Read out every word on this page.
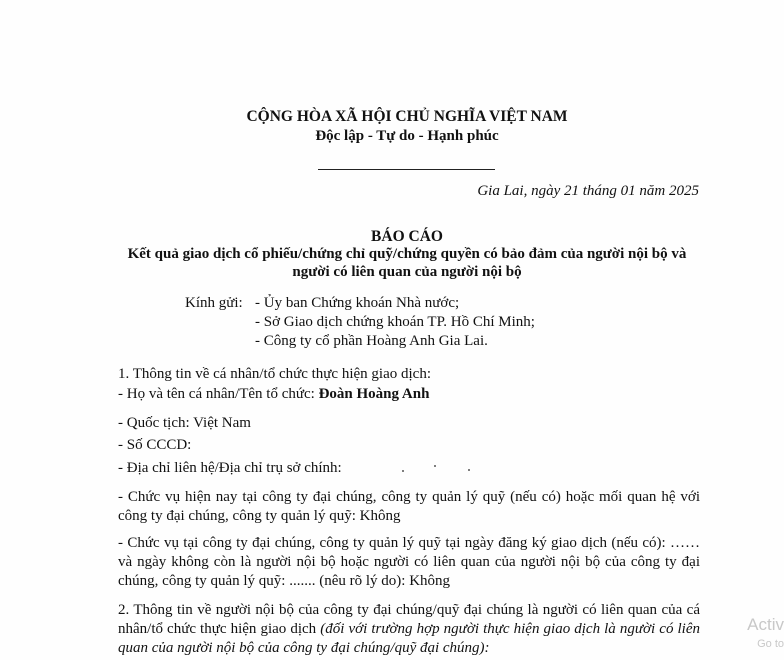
CỘNG HÒA XÃ HỘI CHỦ NGHĨA VIỆT NAM
Độc lập - Tự do - Hạnh phúc
Gia Lai, ngày 21 tháng 01 năm 2025
BÁO CÁO
Kết quả giao dịch cổ phiếu/chứng chỉ quỹ/chứng quyền có bảo đảm của người nội bộ và
người có liên quan của người nội bộ
Kính gửi: - Ủy ban Chứng khoán Nhà nước;
- Sở Giao dịch chứng khoán TP. Hồ Chí Minh;
- Công ty cổ phần Hoàng Anh Gia Lai.
1. Thông tin về cá nhân/tổ chức thực hiện giao dịch:
- Họ và tên cá nhân/Tên tổ chức: Đoàn Hoàng Anh
- Quốc tịch: Việt Nam
- Số CCCD:
- Địa chỉ liên hệ/Địa chỉ trụ sở chính:
- Chức vụ hiện nay tại công ty đại chúng, công ty quản lý quỹ (nếu có) hoặc mối quan hệ với công ty đại chúng, công ty quản lý quỹ: Không
- Chức vụ tại công ty đại chúng, công ty quản lý quỹ tại ngày đăng ký giao dịch (nếu có): …… và ngày không còn là người nội bộ hoặc người có liên quan của người nội bộ của công ty đại chúng, công ty quản lý quỹ: ....... (nêu rõ lý do): Không
2. Thông tin về người nội bộ của công ty đại chúng/quỹ đại chúng là người có liên quan của cá nhân/tổ chức thực hiện giao dịch (đối với trường hợp người thực hiện giao dịch là người có liên quan của người nội bộ của công ty đại chúng/quỹ đại chúng):
Activ
Go to
